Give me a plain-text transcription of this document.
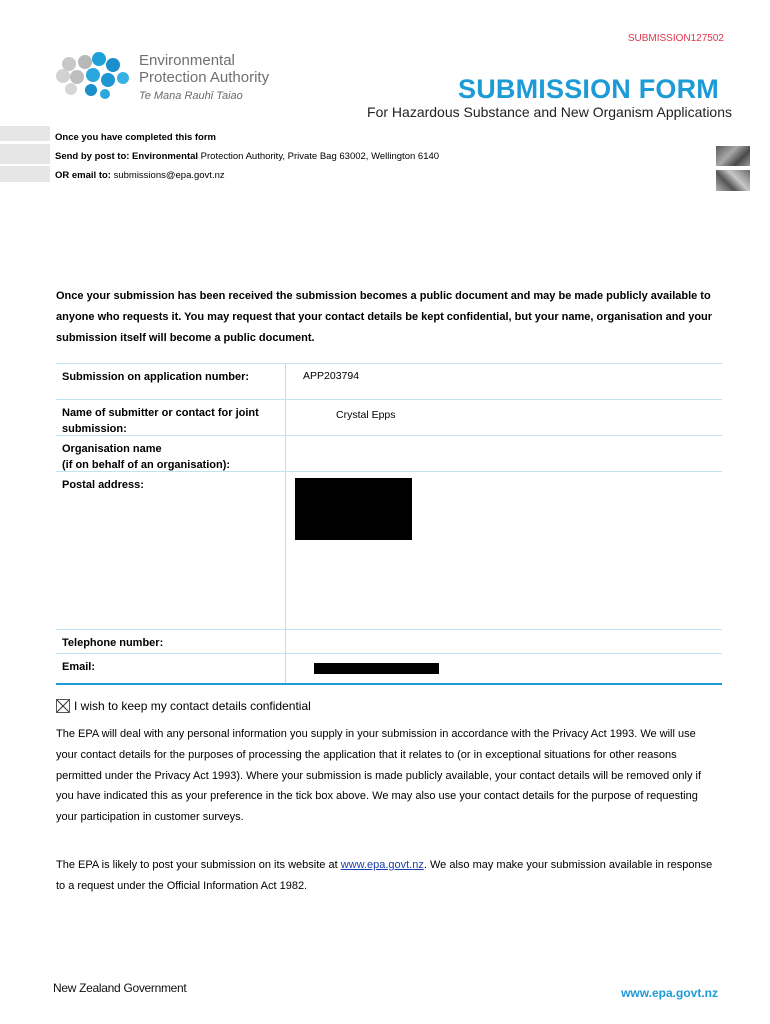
SUBMISSION127502
Environmental
Protection Authority
Te Mana Rauhī Taiao	SUBMISSION FORM
For Hazardous Substance and New Organism Applications
Once you have completed this form
Send by post to: Environmental Protection Authority, Private Bag 63002, Wellington 6140
OR email to: submissions@epa.govt.nz
Once your submission has been received the submission becomes a public document and may be made publicly available to anyone who requests it. You may request that your contact details be kept confidential, but your name, organisation and your submission itself will become a public document.
Submission on application number:	APP203794
Name of submitter or contact for joint submission:
Crystal Epps
Organisation name
(if on behalf of an organisation):
Postal address:
Telephone number:
Email:
I wish to keep my contact details confidential
The EPA will deal with any personal information you supply in your submission in accordance with the Privacy Act 1993. We will use your contact details for the purposes of processing the application that it relates to (or in exceptional situations for other reasons permitted under the Privacy Act 1993). Where your submission is made publicly available, your contact details will be removed only if you have indicated this as your preference in the tick box above. We may also use your contact details for the purpose of requesting your participation in customer surveys.
The EPA is likely to post your submission on its website at www.epa.govt.nz. We also may make your submission available in response to a request under the Official Information Act 1982.
New Zealand Government	www.epa.govt.nz
